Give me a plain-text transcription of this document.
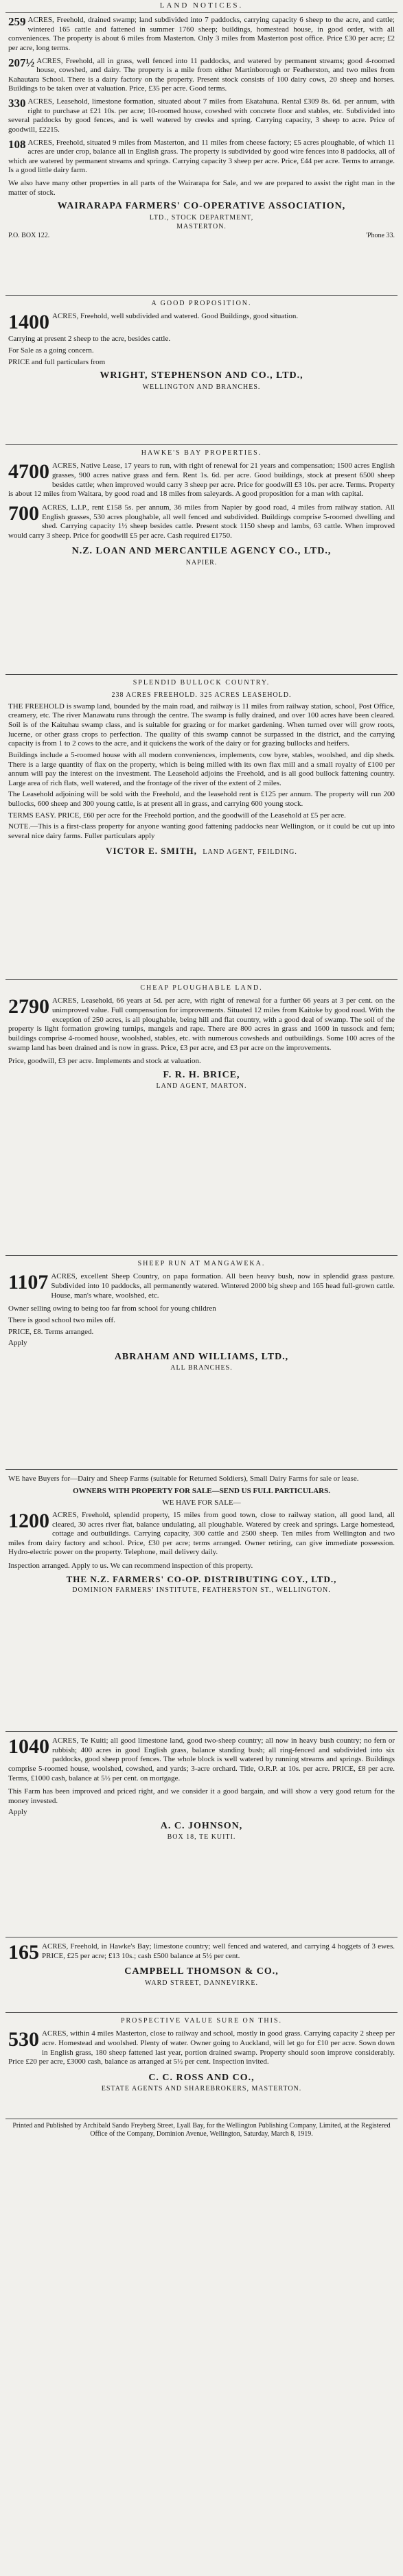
LAND NOTICES.
259 ACRES, Freehold, drained swamp; land subdivided into 7 paddocks, carrying capacity 6 sheep to the acre, and cattle; wintered 165 cattle and fattened in summer 1760 sheep; buildings, homestead house, in good order, with all conveniences. The property is about 6 miles from Masterton. Only 3 miles from Masterton post office. Price £30 per acre; £2 per acre, long terms.
207½ ACRES, Freehold, all in grass, well fenced into 11 paddocks, and watered by permanent streams; good 4-roomed house, cowshed, and dairy. The property is a mile from either Martinborough or Featherston, and two miles from Kahautara School. There is a dairy factory on the property. Present stock consists of 100 dairy cows, 20 sheep and horses. Buildings to be taken over at valuation. Price, £35 per acre. Good terms.
330 ACRES, Leasehold, limestone formation, situated about 7 miles from Ekatahuna. Rental £309 8s. 6d. per annum, with right to purchase at £21 10s. per acre; 10-roomed house, cowshed with concrete floor and stables, etc. Subdivided into several paddocks by good fences, and is well watered by creeks and spring. Carrying capacity, 3 sheep to acre. Price of goodwill, £2215.
108 ACRES, Freehold, situated 9 miles from Masterton, and 11 miles from cheese factory; £5 acres ploughable, of which 11 acres are under crop, balance all in English grass. The property is subdivided by good wire fences into 8 paddocks, all of which are watered by permanent streams and springs. Carrying capacity 3 sheep per acre. Price, £44 per acre. Terms to arrange. Is a good little dairy farm.
We also have many other properties in all parts of the Wairarapa for Sale, and we are prepared to assist the right man in the matter of stock.
WAIRARAPA FARMERS' CO-OPERATIVE ASSOCIATION,
LTD., STOCK DEPARTMENT,
MASTERTON.
P.O. BOX 122.	'Phone 33.
A GOOD PROPOSITION.
1400 ACRES, Freehold, well subdivided and watered. Good Buildings, good situation.
Carrying at present 2 sheep to the acre, besides cattle.
For Sale as a going concern.
PRICE and full particulars from
WRIGHT, STEPHENSON AND CO., LTD.,
WELLINGTON AND BRANCHES.
HAWKE'S BAY PROPERTIES.
4700 ACRES, Native Lease, 17 years to run, with right of renewal for 21 years and compensation; 1500 acres English grasses, 900 acres native grass and fern. Rent 1s. 6d. per acre. Good buildings, stock at present 6500 sheep besides cattle; when improved would carry 3 sheep per acre. Price for goodwill £3 10s. per acre. Terms. Property is about 12 miles from Waitara, by good road and 18 miles from saleyards. A good proposition for a man with capital.
700 ACRES, L.I.P., rent £158 5s. per annum, 36 miles from Napier by good road, 4 miles from railway station. All English grasses, 530 acres ploughable, all well fenced and subdivided. Buildings comprise 5-roomed dwelling and shed. Carrying capacity 1½ sheep besides cattle. Present stock 1150 sheep and lambs, 63 cattle. When improved would carry 3 sheep. Price for goodwill £5 per acre. Cash required £1750.
N.Z. LOAN AND MERCANTILE AGENCY CO., LTD.,
NAPIER.
SPLENDID BULLOCK COUNTRY.
238 ACRES FREEHOLD. 325 ACRES LEASEHOLD.
THE FREEHOLD is swamp land, bounded by the main road, and railway is 11 miles from railway station, school, Post Office, creamery, etc. The river Manawatu runs through the centre. The swamp is fully drained, and over 100 acres have been cleared. Soil is of the Kaituhau swamp class, and is suitable for grazing or for market gardening. When turned over will grow roots, lucerne, or other grass crops to perfection. The quality of this swamp cannot be surpassed in the district, and the carrying capacity is from 1 to 2 cows to the acre, and it quickens the work of the dairy or for grazing bullocks and heifers.
Buildings include a 5-roomed house with all modern conveniences, implements, cow byre, stables, woolshed, and dip sheds. There is a large quantity of flax on the property, which is being milled with its own flax mill and a small royalty of £100 per annum will pay the interest on the investment. The Leasehold adjoins the Freehold, and is all good bullock fattening country. Large area of rich flats, well watered, and the frontage of the river of the extent of 2 miles.
The Leasehold adjoining will be sold with the Freehold, and the leasehold rent is £125 per annum. The property will run 200 bullocks, 600 sheep and 300 young cattle, is at present all in grass, and carrying 600 young stock.
TERMS EASY. PRICE, £60 per acre for the Freehold portion, and the goodwill of the Leasehold at £5 per acre.
NOTE.—This is a first-class property for anyone wanting good fattening paddocks near Wellington, or it could be cut up into several nice dairy farms. Fuller particulars apply
VICTOR E. SMITH, LAND AGENT, FEILDING.
CHEAP PLOUGHABLE LAND.
2790 ACRES, Leasehold, 66 years at 5d. per acre, with right of renewal for a further 66 years at 3 per cent. on the unimproved value. Full compensation for improvements. Situated 12 miles from Kaitoke by good road. With the exception of 250 acres, is all ploughable, being hill and flat country, with a good deal of swamp. The soil of the property is light formation growing turnips, mangels and rape. There are 800 acres in grass and 1600 in tussock and fern; buildings comprise 4-roomed house, woolshed, stables, etc. with numerous cowsheds and outbuildings. Some 100 acres of the swamp land has been drained and is now in grass. Price, £3 per acre, and £3 per acre on the improvements.
Price, goodwill, £3 per acre. Implements and stock at valuation.
F. R. H. BRICE,
LAND AGENT, MARTON.
SHEEP RUN AT MANGAWEKA.
1107 ACRES, excellent Sheep Country, on papa formation. All been heavy bush, now in splendid grass pasture. Subdivided into 10 paddocks, all permanently watered. Wintered 2000 big sheep and 165 head full-grown cattle. House, man's whare, woolshed, etc.
Owner selling owing to being too far from school for young children
There is good school two miles off.
PRICE, £8. Terms arranged.
Apply
ABRAHAM AND WILLIAMS, LTD.,
ALL BRANCHES.
WE have Buyers for—Dairy and Sheep Farms (suitable for Returned Soldiers), Small Dairy Farms for sale or lease.
OWNERS WITH PROPERTY FOR SALE—SEND US FULL PARTICULARS.
WE HAVE FOR SALE—
1200 ACRES, Freehold, splendid property, 15 miles from good town, close to railway station, all good land, all cleared, 30 acres river flat, balance undulating, all ploughable. Watered by creek and springs. Large homestead, cottage and outbuildings. Carrying capacity, 300 cattle and 2500 sheep. Ten miles from Wellington and two miles from dairy factory and school. Price, £30 per acre; terms arranged. Owner retiring, can give immediate possession. Hydro-electric power on the property. Telephone, mail delivery daily.
Inspection arranged. Apply to us. We can recommend inspection of this property.
THE N.Z. FARMERS' CO-OP. DISTRIBUTING COY., LTD.,
DOMINION FARMERS' INSTITUTE, FEATHERSTON ST., WELLINGTON.
1040 ACRES, Te Kuiti; all good limestone land, good two-sheep country; all now in heavy bush country; no fern or rubbish; 400 acres in good English grass, balance standing bush; all ring-fenced and subdivided into six paddocks, good sheep proof fences. The whole block is well watered by running streams and springs. Buildings comprise 5-roomed house, woolshed, cowshed, and yards; 3-acre orchard. Title, O.R.P. at 10s. per acre. PRICE, £8 per acre. Terms, £1000 cash, balance at 5½ per cent. on mortgage.
This Farm has been improved and priced right, and we consider it a good bargain, and will show a very good return for the money invested.
Apply
A. C. JOHNSON,
BOX 18, TE KUITI.
165 ACRES, Freehold, in Hawke's Bay; limestone country; well fenced and watered, and carrying 4 hoggets of 3 ewes. PRICE, £25 per acre; £13 10s.; cash £500 balance at 5½ per cent.
CAMPBELL THOMSON & CO.,
WARD STREET, DANNEVIRKE.
PROSPECTIVE VALUE SURE ON THIS.
530 ACRES, within 4 miles Masterton, close to railway and school, mostly in good grass. Carrying capacity 2 sheep per acre. Homestead and woolshed. Plenty of water. Owner going to Auckland, will let go for £10 per acre. Sown down in English grass, 180 sheep fattened last year, portion drained swamp. Property should soon improve considerably. Price £20 per acre, £3000 cash, balance as arranged at 5½ per cent. Inspection invited.
C. C. ROSS AND CO.,
ESTATE AGENTS AND SHAREBROKERS, MASTERTON.
Printed and Published by Archibald Sando Freyberg Street, Lyall Bay, for the Wellington Publishing Company, Limited, at the Registered Office of the Company, Dominion Avenue, Wellington, Saturday, March 8, 1919.
